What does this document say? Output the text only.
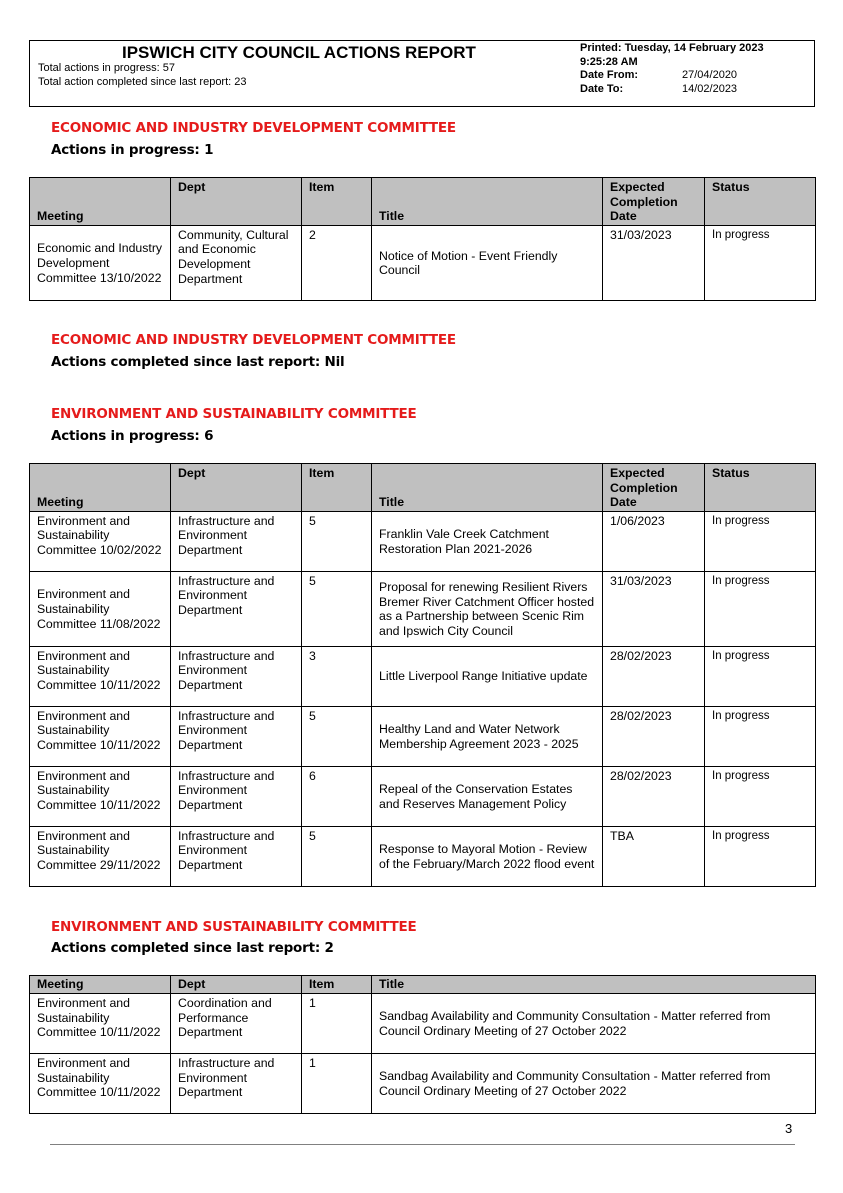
IPSWICH CITY COUNCIL ACTIONS REPORT
Total actions in progress: 57
Total action completed since last report: 23
Printed: Tuesday, 14 February 2023
9:25:28 AM
Date From:	27/04/2020
Date To:	14/02/2023
ECONOMIC AND INDUSTRY DEVELOPMENT COMMITTEE
Actions in progress: 1
Meeting	Dept	Item	Title	Expected Completion Date	Status
Economic and Industry Development Committee 13/10/2022	Community, Cultural and Economic Development Department	2	Notice of Motion - Event Friendly Council	31/03/2023	In progress
ECONOMIC AND INDUSTRY DEVELOPMENT COMMITTEE
Actions completed since last report: Nil
ENVIRONMENT AND SUSTAINABILITY COMMITTEE
Actions in progress: 6
Meeting	Dept	Item	Title	Expected Completion Date	Status
Environment and Sustainability Committee 10/02/2022	Infrastructure and Environment Department	5	Franklin Vale Creek Catchment Restoration Plan 2021-2026	1/06/2023	In progress
Environment and Sustainability Committee 11/08/2022	Infrastructure and Environment Department	5	Proposal for renewing Resilient Rivers Bremer River Catchment Officer hosted as a Partnership between Scenic Rim and Ipswich City Council	31/03/2023	In progress
Environment and Sustainability Committee 10/11/2022	Infrastructure and Environment Department	3	Little Liverpool Range Initiative update	28/02/2023	In progress
Environment and Sustainability Committee 10/11/2022	Infrastructure and Environment Department	5	Healthy Land and Water Network Membership Agreement 2023 - 2025	28/02/2023	In progress
Environment and Sustainability Committee 10/11/2022	Infrastructure and Environment Department	6	Repeal of the Conservation Estates and Reserves Management Policy	28/02/2023	In progress
Environment and Sustainability Committee 29/11/2022	Infrastructure and Environment Department	5	Response to Mayoral Motion - Review of the February/March 2022 flood event	TBA	In progress
ENVIRONMENT AND SUSTAINABILITY COMMITTEE
Actions completed since last report: 2
Meeting	Dept	Item	Title
Environment and Sustainability Committee 10/11/2022	Coordination and Performance Department	1	Sandbag Availability and Community Consultation - Matter referred from Council Ordinary Meeting of 27 October 2022
Environment and Sustainability Committee 10/11/2022	Infrastructure and Environment Department	1	Sandbag Availability and Community Consultation - Matter referred from Council Ordinary Meeting of 27 October 2022
3
